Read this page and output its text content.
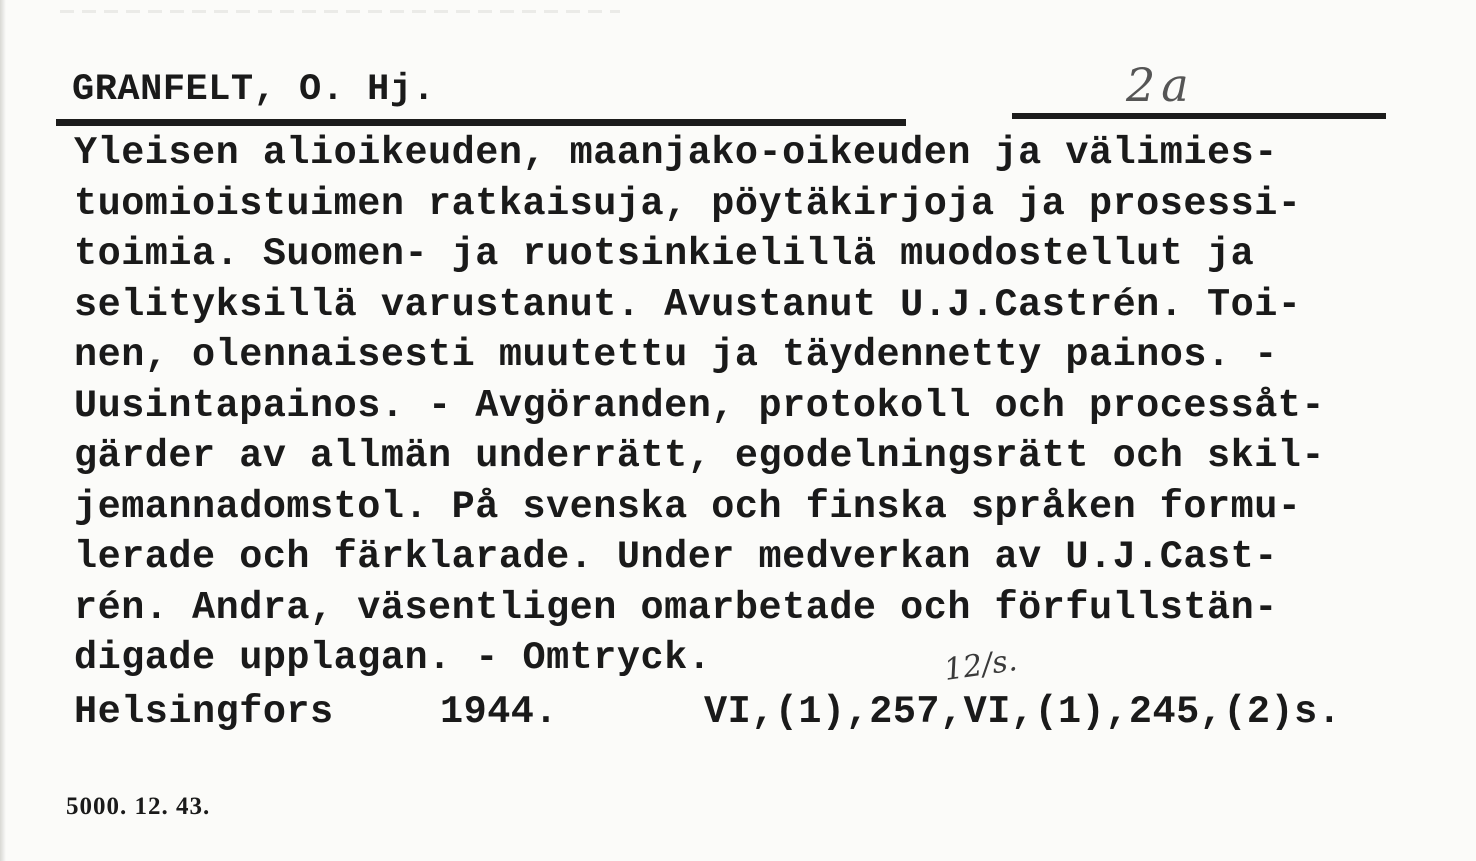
GRANFELT, O. Hj.	2a
Yleisen alioikeuden, maanjako-oikeuden ja välimies-
tuomioistuimen ratkaisuja, pöytäkirjoja ja prosessi-
toimia. Suomen- ja ruotsinkielillä muodostellut ja
selityksillä varustanut. Avustanut U.J.Castrén. Toi-
nen, olennaisesti muutettu ja täydennetty painos. -
Uusintapainos. - Avgöranden, protokoll och processåt-
gärder av allmän underrätt, egodelningsrätt och skil-
jemannadomstol. På svenska och finska språken formu-
lerade och färklarade. Under medverkan av U.J.Cast-
rén. Andra, väsentligen omarbetade och förfullstän-
digade upplagan. - Omtryck.	12/s.
Helsingfors	1944.	VI,(1),257,VI,(1),245,(2)s.
5000. 12. 43.
